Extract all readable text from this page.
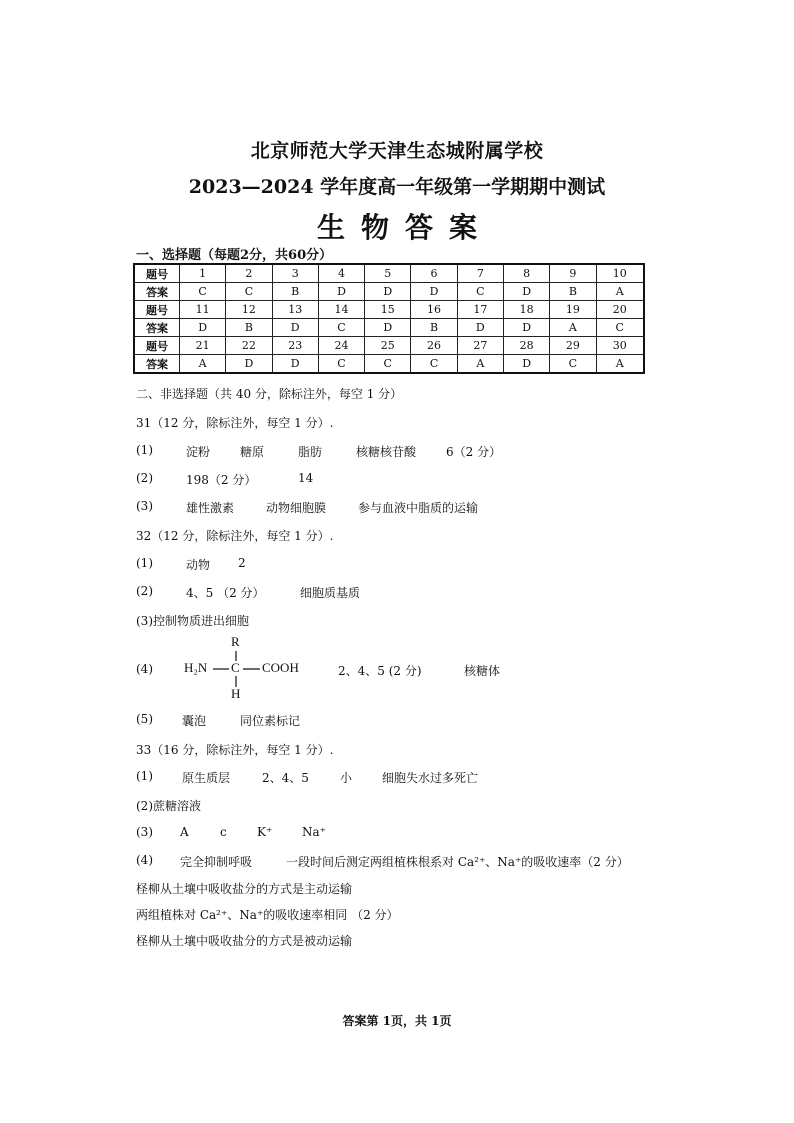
北京师范大学天津生态城附属学校
2023—2024 学年度高一年级第一学期期中测试
生物答案
一、选择题（每题2分，共60分）
题号	1	2	3	4	5	6	7	8	9	10
答案	C	C	B	D	D	D	C	D	B	A
题号	11	12	13	14	15	16	17	18	19	20
答案	D	B	D	C	D	B	D	D	A	C
题号	21	22	23	24	25	26	27	28	29	30
答案	A	D	D	C	C	C	A	D	C	A
二、非选择题（共 40 分，除标注外，每空 1 分）
31（12 分，除标注外，每空 1 分）.
(1)	淀粉 糖原	脂肪	核糖核苷酸 6（2 分）
(2)	198（2 分）	14
(3)	雄性激素	动物细胞膜	参与血液中脂质的运输
32（12 分，除标注外，每空 1 分）.
(1)	动物 2
(2)	4、5 （2 分）	细胞质基质
(3)控制物质进出细胞
(4)
R
H₂N C COOH
H
2、4、5 (2 分)	核糖体
(5) 囊泡	同位素标记
33（16 分，除标注外，每空 1 分）.
(1) 原生质层	2、4、5	小 细胞失水过多死亡
(2)蔗糖溶液
(3) A	c	K⁺ Na⁺
(4) 完全抑制呼吸	一段时间后测定两组植株根系对 Ca²⁺、Na⁺的吸收速率（2 分）
柽柳从土壤中吸收盐分的方式是主动运输
两组植株对 Ca²⁺、Na⁺的吸收速率相同 （2 分）
柽柳从土壤中吸收盐分的方式是被动运输
答案第 1页，共 1页
